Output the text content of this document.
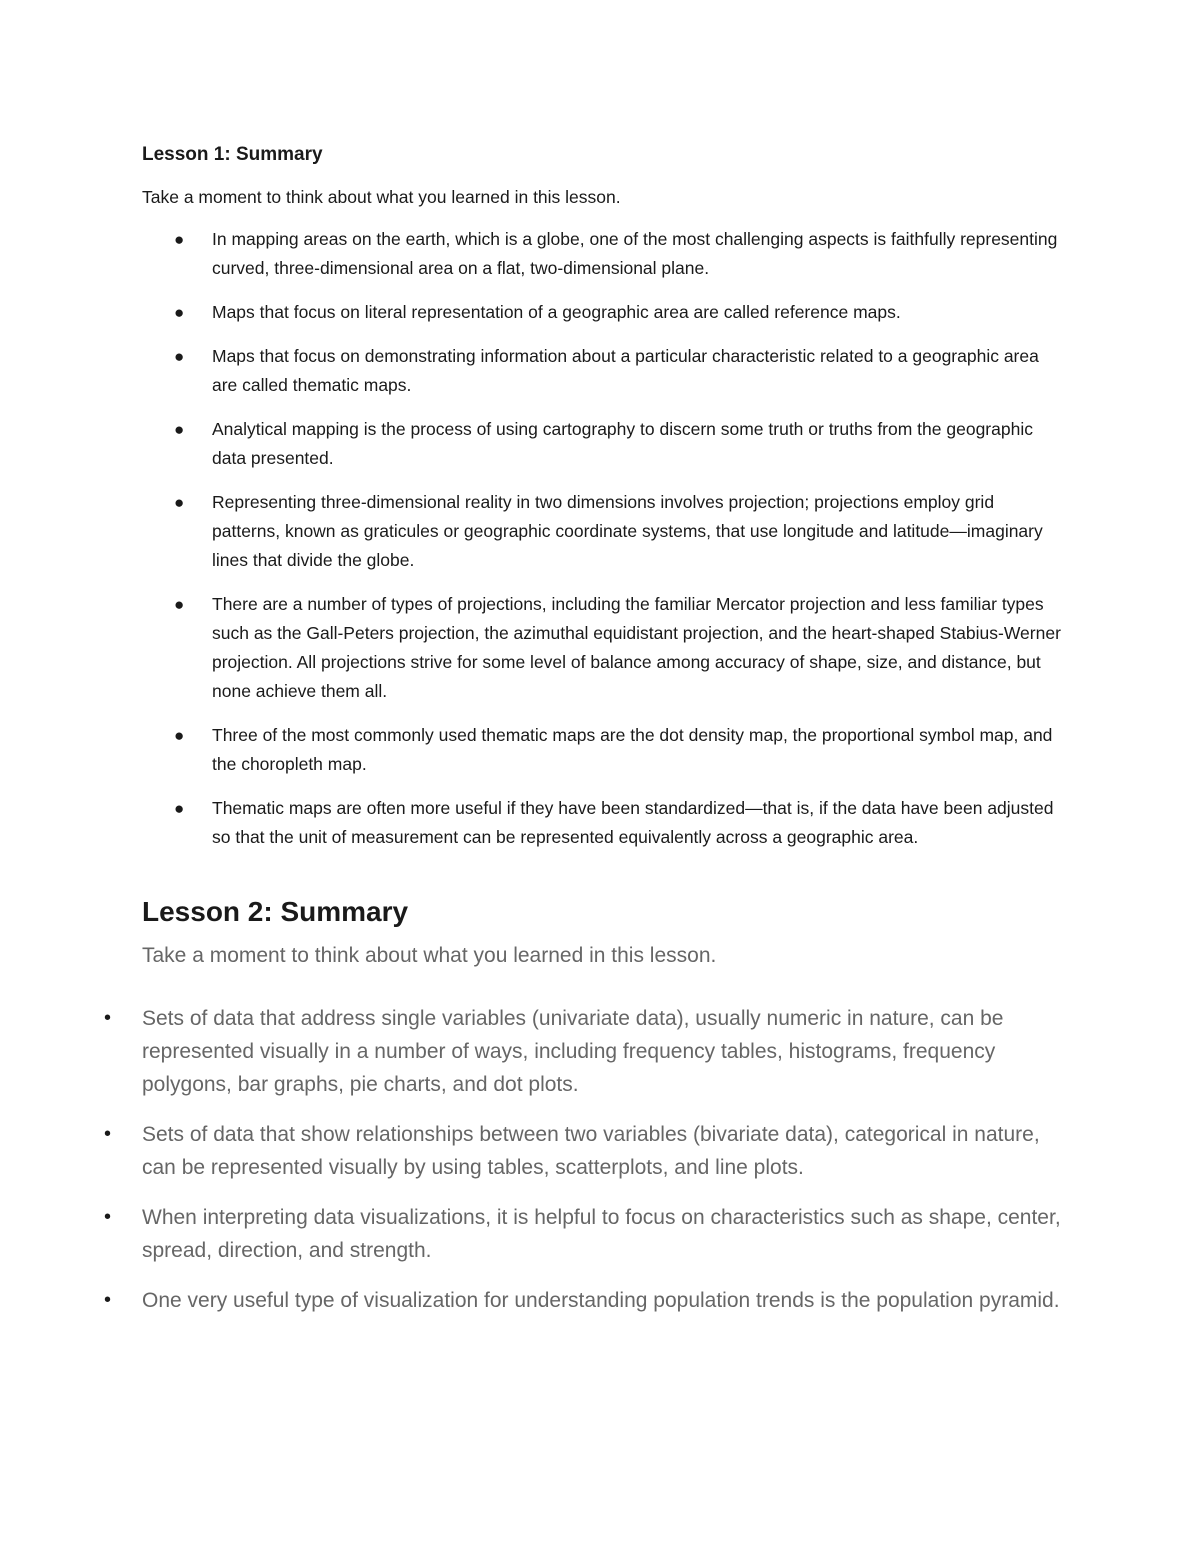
Lesson 1: Summary

Take a moment to think about what you learned in this lesson.

● In mapping areas on the earth, which is a globe, one of the most challenging aspects is faithfully representing curved, three-dimensional area on a flat, two-dimensional plane.
● Maps that focus on literal representation of a geographic area are called reference maps.
● Maps that focus on demonstrating information about a particular characteristic related to a geographic area are called thematic maps.
● Analytical mapping is the process of using cartography to discern some truth or truths from the geographic data presented.
● Representing three-dimensional reality in two dimensions involves projection; projections employ grid patterns, known as graticules or geographic coordinate systems, that use longitude and latitude—imaginary lines that divide the globe.
● There are a number of types of projections, including the familiar Mercator projection and less familiar types such as the Gall-Peters projection, the azimuthal equidistant projection, and the heart-shaped Stabius-Werner projection. All projections strive for some level of balance among accuracy of shape, size, and distance, but none achieve them all.
● Three of the most commonly used thematic maps are the dot density map, the proportional symbol map, and the choropleth map.
● Thematic maps are often more useful if they have been standardized—that is, if the data have been adjusted so that the unit of measurement can be represented equivalently across a geographic area.
Lesson 2: Summary

Take a moment to think about what you learned in this lesson.

• Sets of data that address single variables (univariate data), usually numeric in nature, can be represented visually in a number of ways, including frequency tables, histograms, frequency polygons, bar graphs, pie charts, and dot plots.
• Sets of data that show relationships between two variables (bivariate data), categorical in nature, can be represented visually by using tables, scatterplots, and line plots.
• When interpreting data visualizations, it is helpful to focus on characteristics such as shape, center, spread, direction, and strength.
• One very useful type of visualization for understanding population trends is the population pyramid.
